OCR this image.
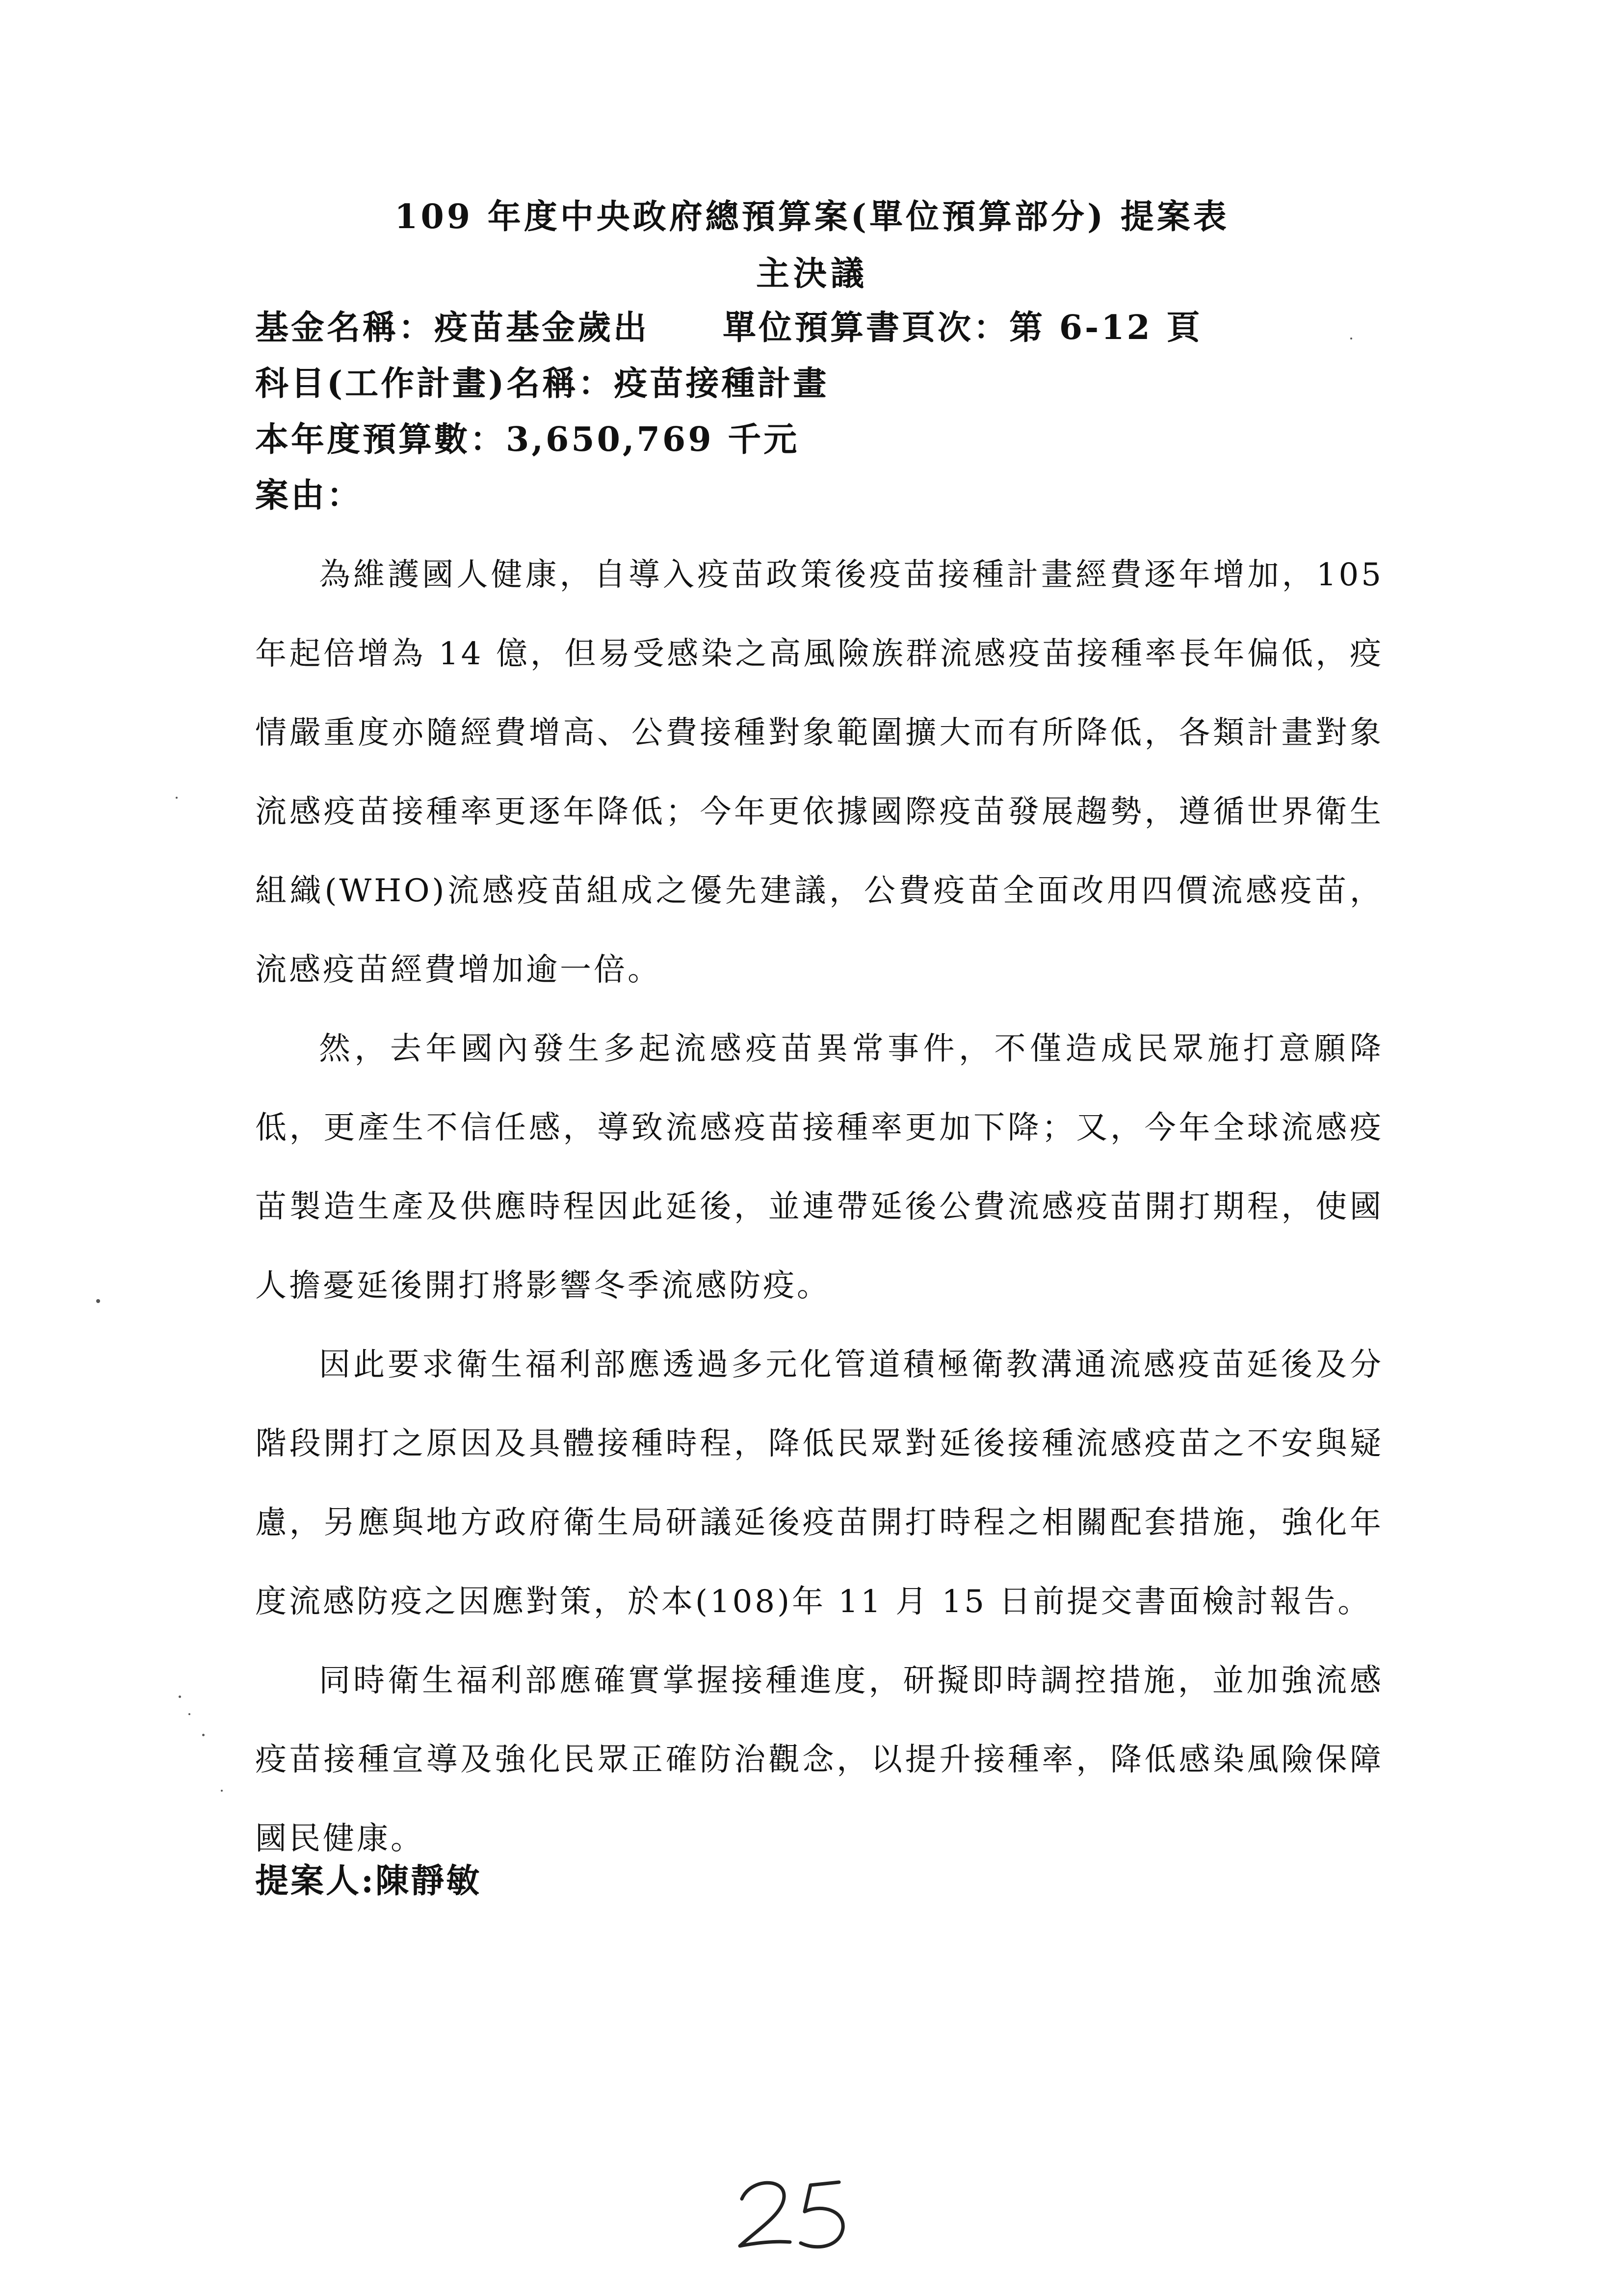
109 年度中央政府總預算案(單位預算部分) 提案表
主決議
基金名稱：疫苗基金歲出 單位預算書頁次：第 6-12 頁
科目(工作計畫)名稱：疫苗接種計畫
本年度預算數：3,650,769 千元
案由：

為維護國人健康，自導入疫苗政策後疫苗接種計畫經費逐年增加，105 年起倍增為 14 億，但易受感染之高風險族群流感疫苗接種率長年偏低，疫情嚴重度亦隨經費增高、公費接種對象範圍擴大而有所降低，各類計畫對象流感疫苗接種率更逐年降低；今年更依據國際疫苗發展趨勢，遵循世界衛生組織(WHO)流感疫苗組成之優先建議，公費疫苗全面改用四價流感疫苗，流感疫苗經費增加逾一倍。

然，去年國內發生多起流感疫苗異常事件，不僅造成民眾施打意願降低，更產生不信任感，導致流感疫苗接種率更加下降；又，今年全球流感疫苗製造生產及供應時程因此延後，並連帶延後公費流感疫苗開打期程，使國人擔憂延後開打將影響冬季流感防疫。

因此要求衛生福利部應透過多元化管道積極衛教溝通流感疫苗延後及分階段開打之原因及具體接種時程，降低民眾對延後接種流感疫苗之不安與疑慮，另應與地方政府衛生局研議延後疫苗開打時程之相關配套措施，強化年度流感防疫之因應對策，於本(108)年 11 月 15 日前提交書面檢討報告。

同時衛生福利部應確實掌握接種進度，研擬即時調控措施，並加強流感疫苗接種宣導及強化民眾正確防治觀念，以提升接種率，降低感染風險保障國民健康。

提案人:陳靜敏
